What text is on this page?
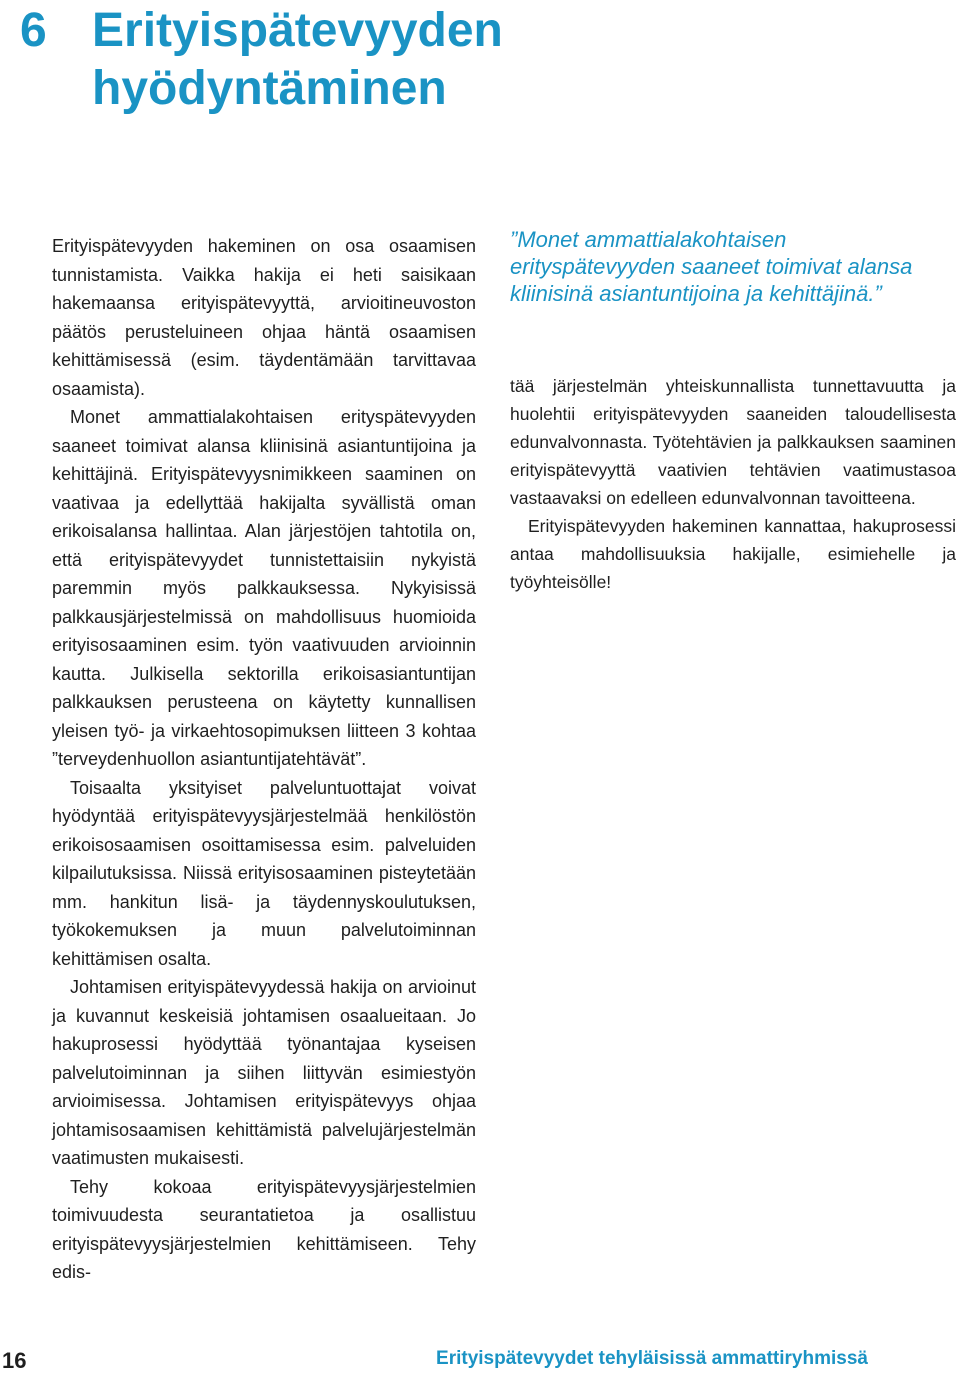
6 Erityispätevyyden
hyödyntäminen

Erityispätevyyden hakeminen on osa osaamisen tunnistamista. Vaikka hakija ei heti saisikaan hakemaansa erityispätevyyttä, arvioitineuvoston päätös perusteluineen ohjaa häntä osaamisen kehittämisessä (esim. täydentämään tarvittavaa osaamista).

Monet ammattialakohtaisen erityspätevyyden saaneet toimivat alansa kliinisinä asiantuntijoina ja kehittäjinä. Erityispätevyysnimikkeen saaminen on vaativaa ja edellyttää hakijalta syvällistä oman erikoisalansa hallintaa. Alan järjestöjen tahtotila on, että erityispätevyydet tunnistettaisiin nykyistä paremmin myös palkkauksessa. Nykyisissä palkkausjärjestelmissä on mahdollisuus huomioida erityisosaaminen esim. työn vaativuuden arvioinnin kautta. Julkisella sektorilla erikoisasiantuntijan palkkauksen perusteena on käytetty kunnallisen yleisen työ- ja virkaehtosopimuksen liitteen 3 kohtaa ”terveydenhuollon asiantuntijatehtävät”.

Toisaalta yksityiset palveluntuottajat voivat hyödyntää erityispätevyysjärjestelmää henkilöstön erikoisosaamisen osoittamisessa esim. palveluiden kilpailutuksissa. Niissä erityisosaaminen pisteytetään mm. hankitun lisä- ja täydennyskoulutuksen, työkokemuksen ja muun palvelutoiminnan kehittämisen osalta.

Johtamisen erityispätevyydessä hakija on arvioinut ja kuvannut keskeisiä johtamisen osaalueitaan. Jo hakuprosessi hyödyttää työnantajaa kyseisen palvelutoiminnan ja siihen liittyvän esimiestyön arvioimisessa. Johtamisen erityispätevyys ohjaa johtamisosaamisen kehittämistä palvelujärjestelmän vaatimusten mukaisesti.

Tehy kokoaa erityispätevyysjärjestelmien toimivuudesta seurantatietoa ja osallistuu erityispätevyysjärjestelmien kehittämiseen. Tehy edis-

”Monet ammattialakohtaisen erityspätevyyden saaneet toimivat alansa kliinisinä asiantuntijoina ja kehittäjinä.”

tää järjestelmän yhteiskunnallista tunnettavuutta ja huolehtii erityispätevyyden saaneiden taloudellisesta edunvalvonnasta. Työtehtävien ja palkkauksen saaminen erityispätevyyttä vaativien tehtävien vaatimustasoa vastaavaksi on edelleen edunvalvonnan tavoitteena.

Erityispätevyyden hakeminen kannattaa, hakuprosessi antaa mahdollisuuksia hakijalle, esimiehelle ja työyhteisölle!

16	Erityispätevyydet tehyläisissä ammattiryhmissä
